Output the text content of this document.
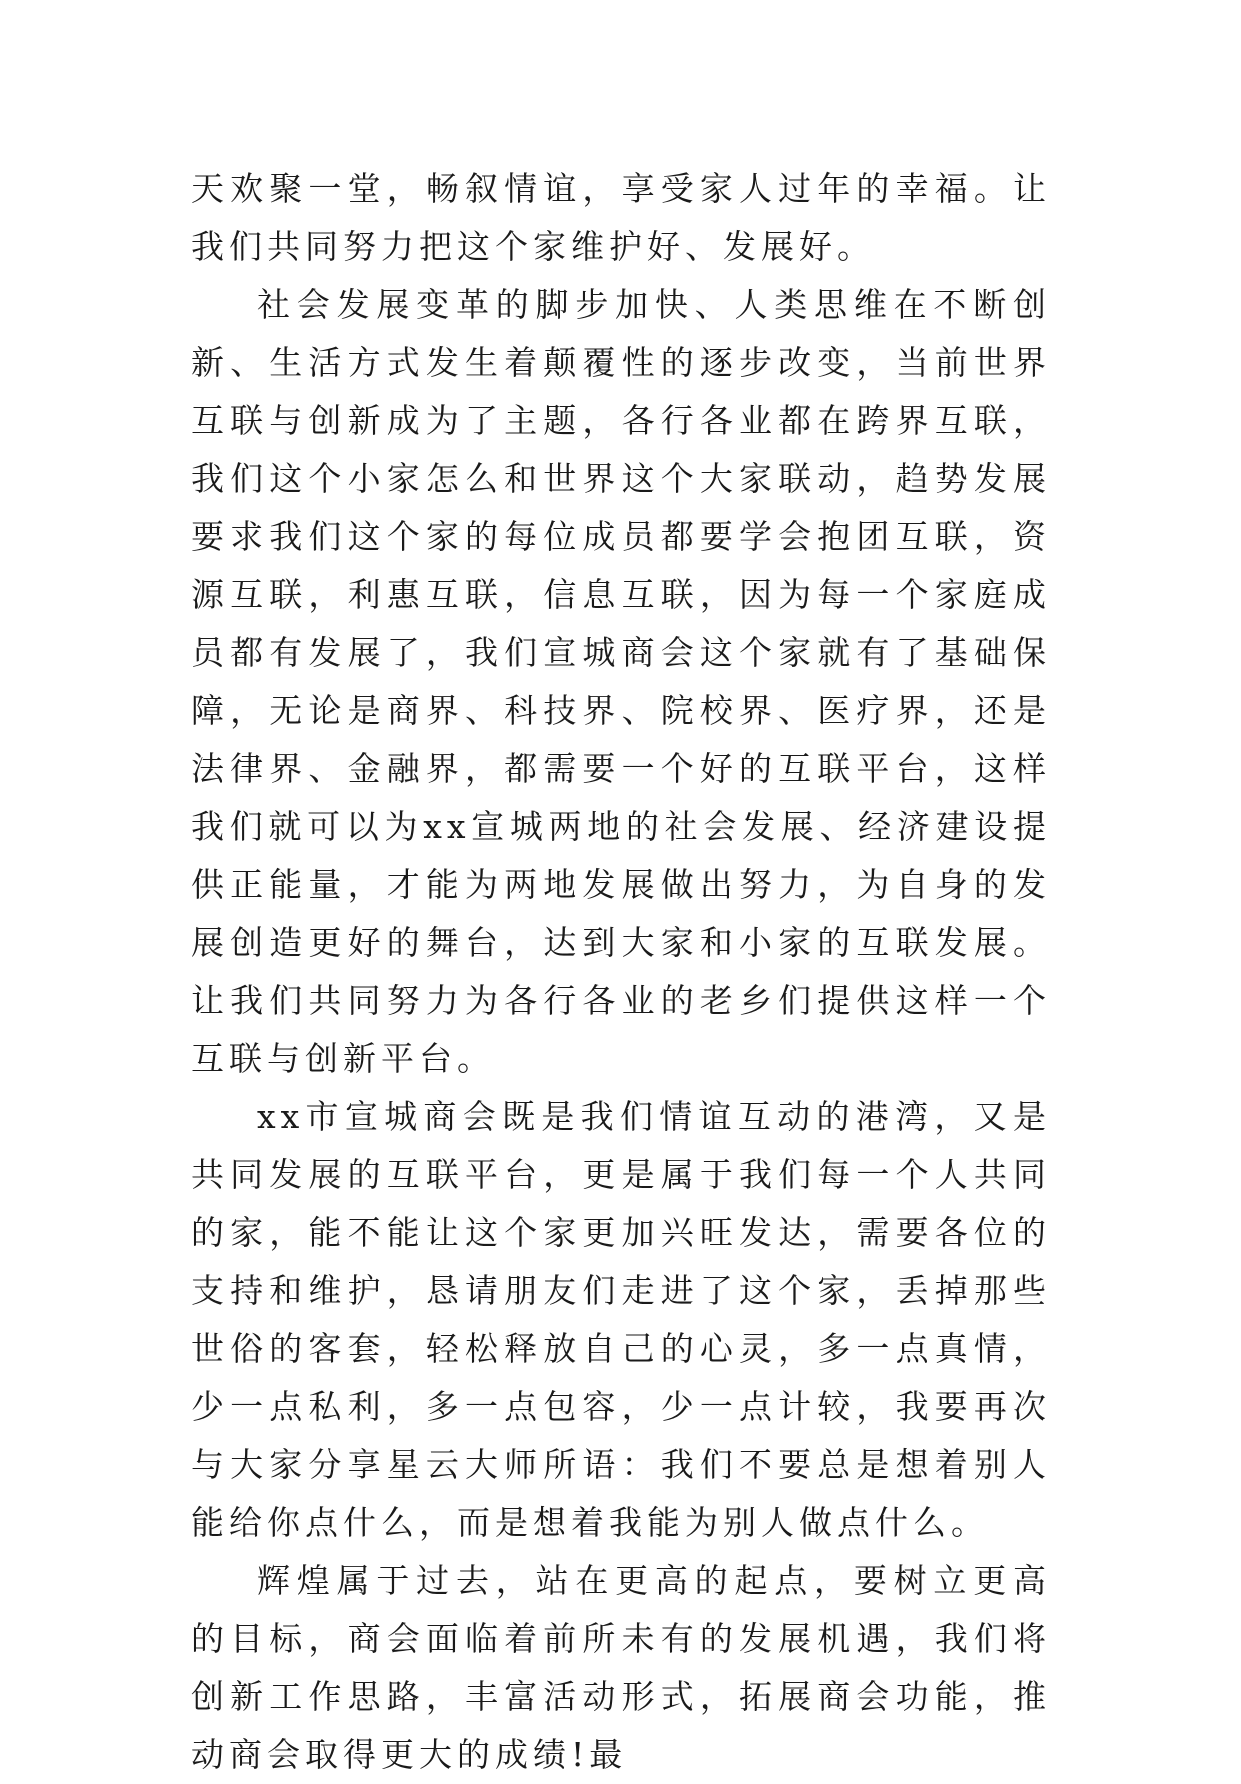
天欢聚一堂，畅叙情谊，享受家人过年的幸福。让我们共同努力把这个家维护好、发展好。

社会发展变革的脚步加快、人类思维在不断创新、生活方式发生着颠覆性的逐步改变，当前世界互联与创新成为了主题，各行各业都在跨界互联，我们这个小家怎么和世界这个大家联动，趋势发展要求我们这个家的每位成员都要学会抱团互联，资源互联，利惠互联，信息互联，因为每一个家庭成员都有发展了，我们宣城商会这个家就有了基础保障，无论是商界、科技界、院校界、医疗界，还是法律界、金融界，都需要一个好的互联平台，这样我们就可以为xx宣城两地的社会发展、经济建设提供正能量，才能为两地发展做出努力，为自身的发展创造更好的舞台，达到大家和小家的互联发展。让我们共同努力为各行各业的老乡们提供这样一个互联与创新平台。

xx市宣城商会既是我们情谊互动的港湾，又是共同发展的互联平台，更是属于我们每一个人共同的家，能不能让这个家更加兴旺发达，需要各位的支持和维护，恳请朋友们走进了这个家，丢掉那些世俗的客套，轻松释放自己的心灵，多一点真情，少一点私利，多一点包容，少一点计较，我要再次与大家分享星云大师所语：我们不要总是想着别人能给你点什么，而是想着我能为别人做点什么。

辉煌属于过去，站在更高的起点，要树立更高的目标，商会面临着前所未有的发展机遇，我们将创新工作思路，丰富活动形式，拓展商会功能，推动商会取得更大的成绩!最
